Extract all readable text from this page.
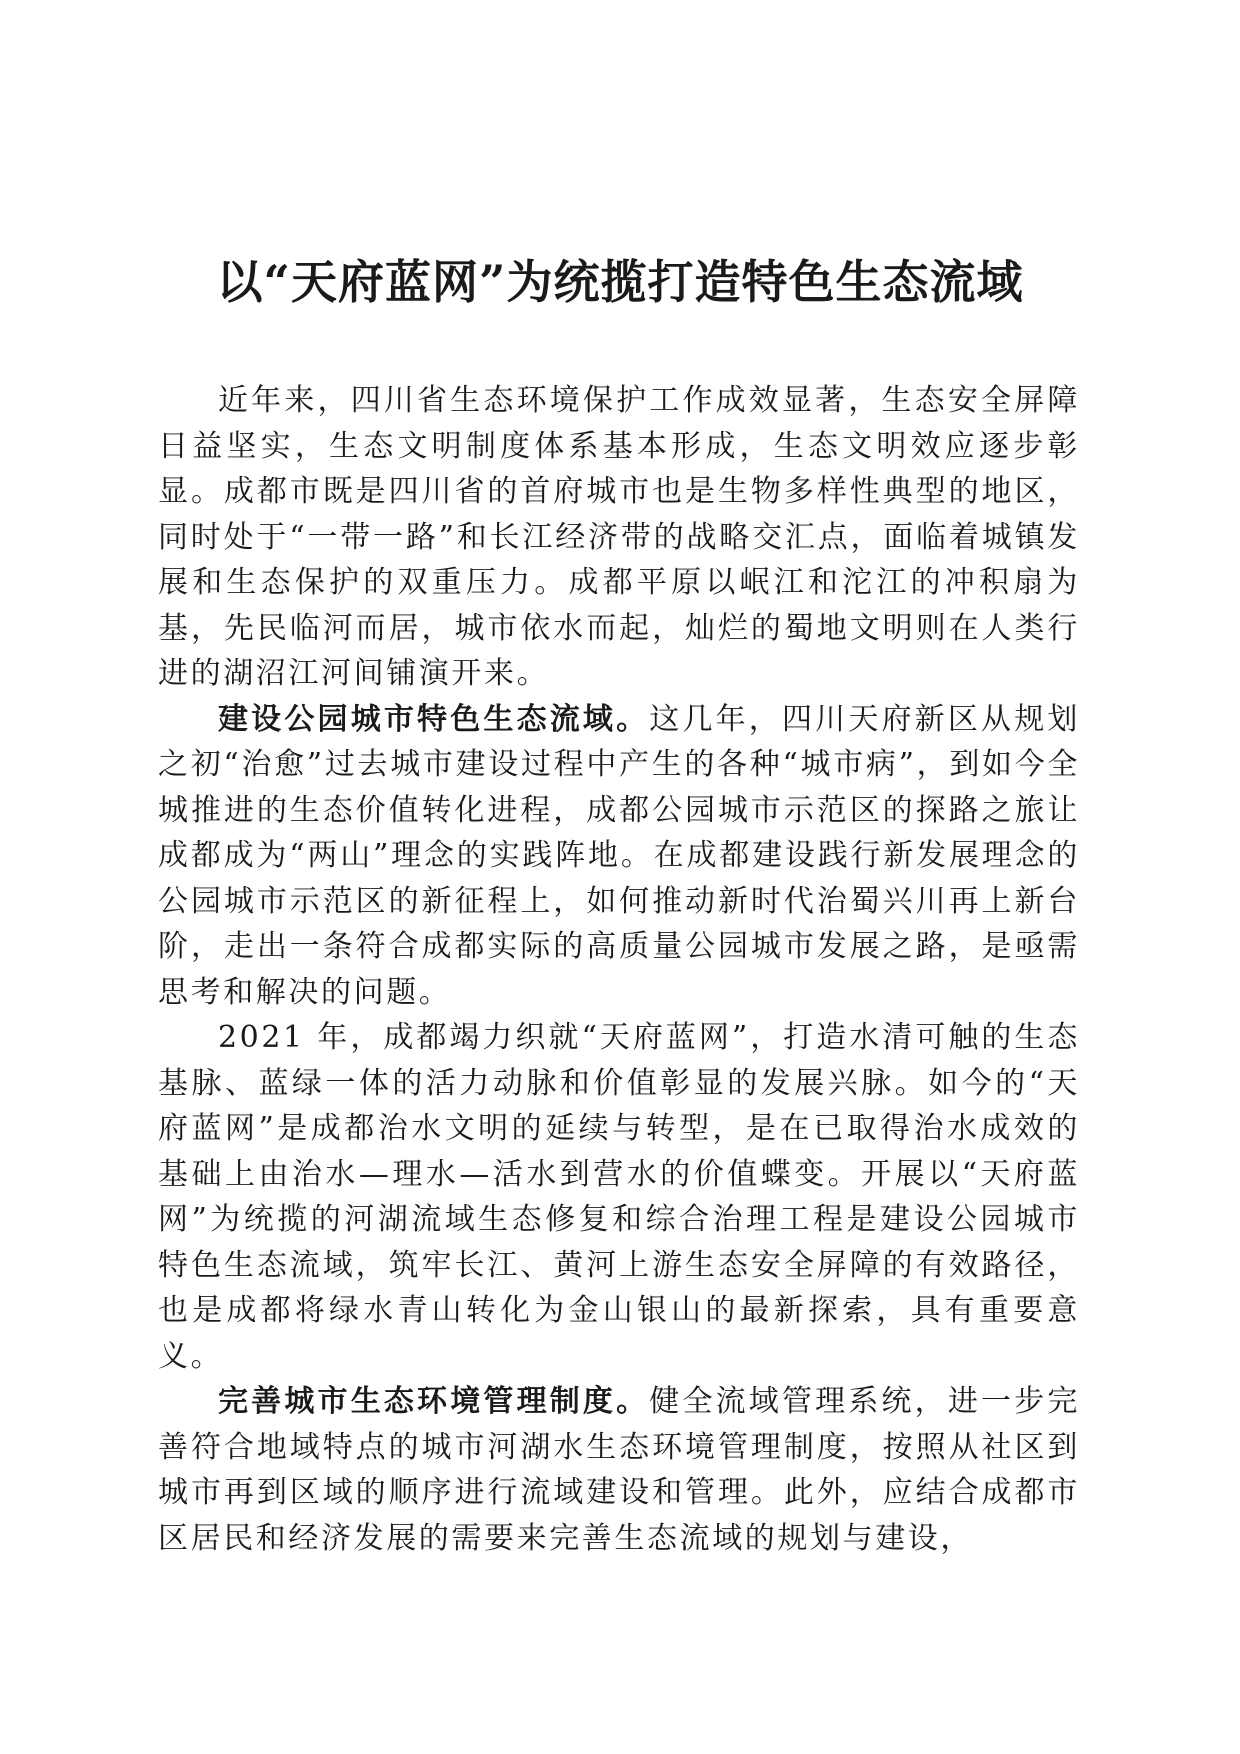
以“天府蓝网”为统揽打造特色生态流域

近年来，四川省生态环境保护工作成效显著，生态安全屏障日益坚实，生态文明制度体系基本形成，生态文明效应逐步彰显。成都市既是四川省的首府城市也是生物多样性典型的地区，同时处于“一带一路”和长江经济带的战略交汇点，面临着城镇发展和生态保护的双重压力。成都平原以岷江和沱江的冲积扇为基，先民临河而居，城市依水而起，灿烂的蜀地文明则在人类行进的湖沼江河间铺演开来。

建设公园城市特色生态流域。这几年，四川天府新区从规划之初“治愈”过去城市建设过程中产生的各种“城市病”，到如今全城推进的生态价值转化进程，成都公园城市示范区的探路之旅让成都成为“两山”理念的实践阵地。在成都建设践行新发展理念的公园城市示范区的新征程上，如何推动新时代治蜀兴川再上新台阶，走出一条符合成都实际的高质量公园城市发展之路，是亟需思考和解决的问题。

2021 年，成都竭力织就“天府蓝网”，打造水清可触的生态基脉、蓝绿一体的活力动脉和价值彰显的发展兴脉。如今的“天府蓝网”是成都治水文明的延续与转型，是在已取得治水成效的基础上由治水—理水—活水到营水的价值蝶变。开展以“天府蓝网”为统揽的河湖流域生态修复和综合治理工程是建设公园城市特色生态流域，筑牢长江、黄河上游生态安全屏障的有效路径，也是成都将绿水青山转化为金山银山的最新探索，具有重要意义。

完善城市生态环境管理制度。健全流域管理系统，进一步完善符合地域特点的城市河湖水生态环境管理制度，按照从社区到城市再到区域的顺序进行流域建设和管理。此外，应结合成都市区居民和经济发展的需要来完善生态流域的规划与建设，
